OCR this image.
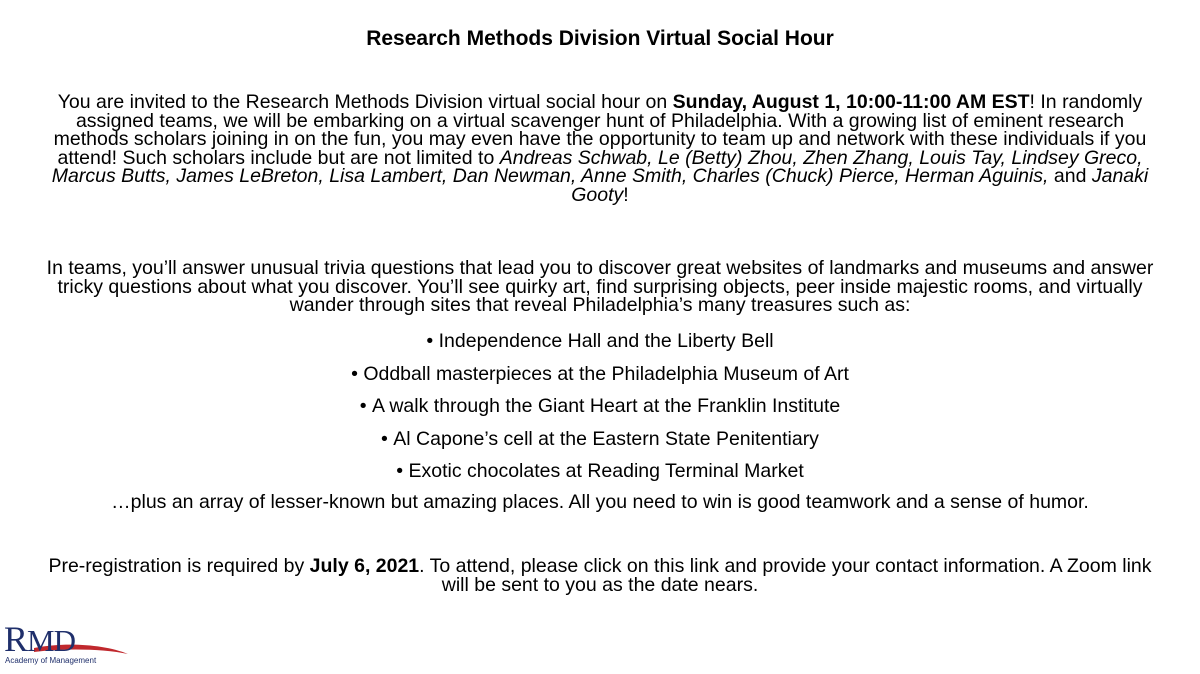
Research Methods Division Virtual Social Hour
You are invited to the Research Methods Division virtual social hour on Sunday, August 1, 10:00-11:00 AM EST! In randomly assigned teams, we will be embarking on a virtual scavenger hunt of Philadelphia. With a growing list of eminent research methods scholars joining in on the fun, you may even have the opportunity to team up and network with these individuals if you attend! Such scholars include but are not limited to Andreas Schwab, Le (Betty) Zhou, Zhen Zhang, Louis Tay, Lindsey Greco, Marcus Butts, James LeBreton, Lisa Lambert, Dan Newman, Anne Smith, Charles (Chuck) Pierce, Herman Aguinis, and Janaki Gooty!
In teams, you’ll answer unusual trivia questions that lead you to discover great websites of landmarks and museums and answer tricky questions about what you discover. You’ll see quirky art, find surprising objects, peer inside majestic rooms, and virtually wander through sites that reveal Philadelphia’s many treasures such as:
• Independence Hall and the Liberty Bell
• Oddball masterpieces at the Philadelphia Museum of Art
• A walk through the Giant Heart at the Franklin Institute
• Al Capone’s cell at the Eastern State Penitentiary
• Exotic chocolates at Reading Terminal Market
…plus an array of lesser-known but amazing places. All you need to win is good teamwork and a sense of humor.
Pre-registration is required by July 6, 2021. To attend, please click on this link and provide your contact information. A Zoom link will be sent to you as the date nears.
RMD
Academy of Management
